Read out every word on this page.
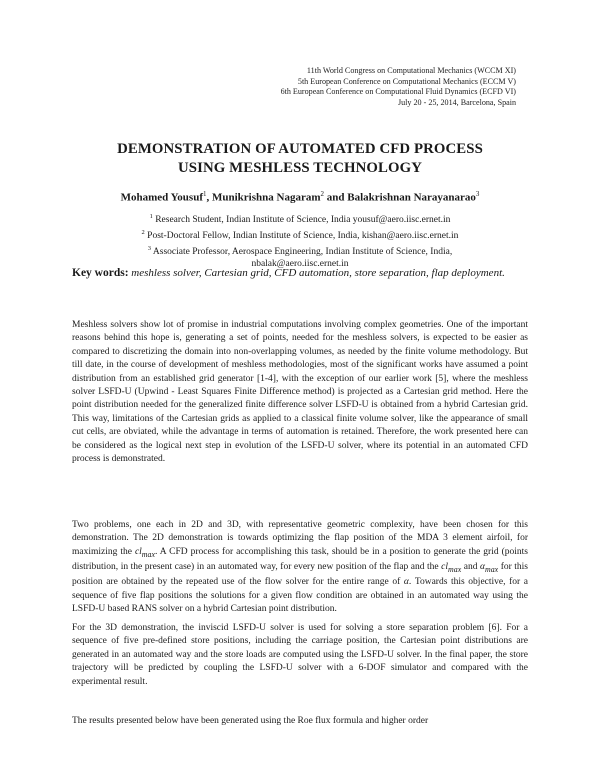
11th World Congress on Computational Mechanics (WCCM XI)
5th European Conference on Computational Mechanics (ECCM V)
6th European Conference on Computational Fluid Dynamics (ECFD VI)
July 20 - 25, 2014, Barcelona, Spain
DEMONSTRATION OF AUTOMATED CFD PROCESS
USING MESHLESS TECHNOLOGY
Mohamed Yousuf$^1$, Munikrishna Nagaram$^2$ and Balakrishnan Narayanarao$^3$
$^1$ Research Student, Indian Institute of Science, India yousuf@aero.iisc.ernet.in
$^2$ Post-Doctoral Fellow, Indian Institute of Science, India, kishan@aero.iisc.ernet.in
$^3$ Associate Professor, Aerospace Engineering, Indian Institute of Science, India,
nbalak@aero.iisc.ernet.in
Key words: meshless solver, Cartesian grid, CFD automation, store separation, flap deployment.
Meshless solvers show lot of promise in industrial computations involving complex geometries. One of the important reasons behind this hope is, generating a set of points, needed for the meshless solvers, is expected to be easier as compared to discretizing the domain into non-overlapping volumes, as needed by the finite volume methodology. But till date, in the course of development of meshless methodologies, most of the significant works have assumed a point distribution from an established grid generator [1-4], with the exception of our earlier work [5], where the meshless solver LSFD-U (Upwind - Least Squares Finite Difference method) is projected as a Cartesian grid method. Here the point distribution needed for the generalized finite difference solver LSFD-U is obtained from a hybrid Cartesian grid. This way, limitations of the Cartesian grids as applied to a classical finite volume solver, like the appearance of small cut cells, are obviated, while the advantage in terms of automation is retained. Therefore, the work presented here can be considered as the logical next step in evolution of the LSFD-U solver, where its potential in an automated CFD process is demonstrated.
Two problems, one each in 2D and 3D, with representative geometric complexity, have been chosen for this demonstration. The 2D demonstration is towards optimizing the flap position of the MDA 3 element airfoil, for maximizing the $cl_{max}$. A CFD process for accomplishing this task, should be in a position to generate the grid (points distribution, in the present case) in an automated way, for every new position of the flap and the $cl_{max}$ and $\alpha_{max}$ for this position are obtained by the repeated use of the flow solver for the entire range of α. Towards this objective, for a sequence of five flap positions the solutions for a given flow condition are obtained in an automated way using the LSFD-U based RANS solver on a hybrid Cartesian point distribution.
For the 3D demonstration, the inviscid LSFD-U solver is used for solving a store separation problem [6]. For a sequence of five pre-defined store positions, including the carriage position, the Cartesian point distributions are generated in an automated way and the store loads are computed using the LSFD-U solver. In the final paper, the store trajectory will be predicted by coupling the LSFD-U solver with a 6-DOF simulator and compared with the experimental result.
The results presented below have been generated using the Roe flux formula and higher order
